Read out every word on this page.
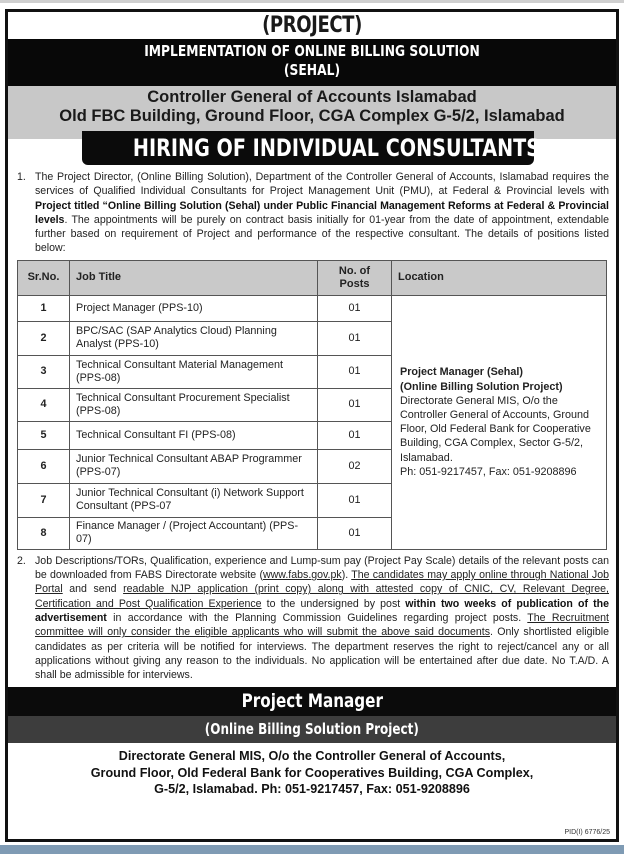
(PROJECT)
IMPLEMENTATION OF ONLINE BILLING SOLUTION
(SEHAL)
Controller General of Accounts Islamabad
Old FBC Building, Ground Floor, CGA Complex G-5/2, Islamabad
HIRING OF INDIVIDUAL CONSULTANTS
1. The Project Director, (Online Billing Solution), Department of the Controller General of Accounts, Islamabad requires the services of Qualified Individual Consultants for Project Management Unit (PMU), at Federal & Provincial levels with Project titled “Online Billing Solution (Sehal) under Public Financial Management Reforms at Federal & Provincial levels. The appointments will be purely on contract basis initially for 01-year from the date of appointment, extendable further based on requirement of Project and performance of the respective consultant. The details of positions listed below:
Sr.No.	Job Title	No. of Posts	Location
1	Project Manager (PPS-10)	01	Project Manager (Sehal)
(Online Billing Solution Project)
Directorate General MIS, O/o the Controller General of Accounts, Ground Floor, Old Federal Bank for Cooperative Building, CGA Complex, Sector G-5/2, Islamabad.
Ph: 051-9217457, Fax: 051-9208896

2	BPC/SAC (SAP Analytics Cloud) Planning Analyst (PPS-10)	01	
3	Technical Consultant Material Management (PPS-08)	01	
4	Technical Consultant Procurement Specialist (PPS-08)	01	
5	Technical Consultant FI (PPS-08)	01	
6	Junior Technical Consultant ABAP Programmer (PPS-07)	02	
7	Junior Technical Consultant (i) Network Support Consultant (PPS-07	01	
8	Finance Manager / (Project Accountant) (PPS-07)	01	
2. Job Descriptions/TORs, Qualification, experience and Lump-sum pay (Project Pay Scale) details of the relevant posts can be downloaded from FABS Directorate website (www.fabs.gov.pk). The candidates may apply online through National Job Portal and send readable NJP application (print copy) along with attested copy of CNIC, CV, Relevant Degree, Certification and Post Qualification Experience to the undersigned by post within two weeks of publication of the advertisement in accordance with the Planning Commission Guidelines regarding project posts. The Recruitment committee will only consider the eligible applicants who will submit the above said documents. Only shortlisted eligible candidates as per criteria will be notified for interviews. The department reserves the right to reject/cancel any or all applications without giving any reason to the individuals. No application will be entertained after due date. No T.A/D. A shall be admissible for interviews.
Project Manager
(Online Billing Solution Project)
Directorate General MIS, O/o the Controller General of Accounts,
Ground Floor, Old Federal Bank for Cooperatives Building, CGA Complex,
G-5/2, Islamabad. Ph: 051-9217457, Fax: 051-9208896
PID(I) 6776/25
